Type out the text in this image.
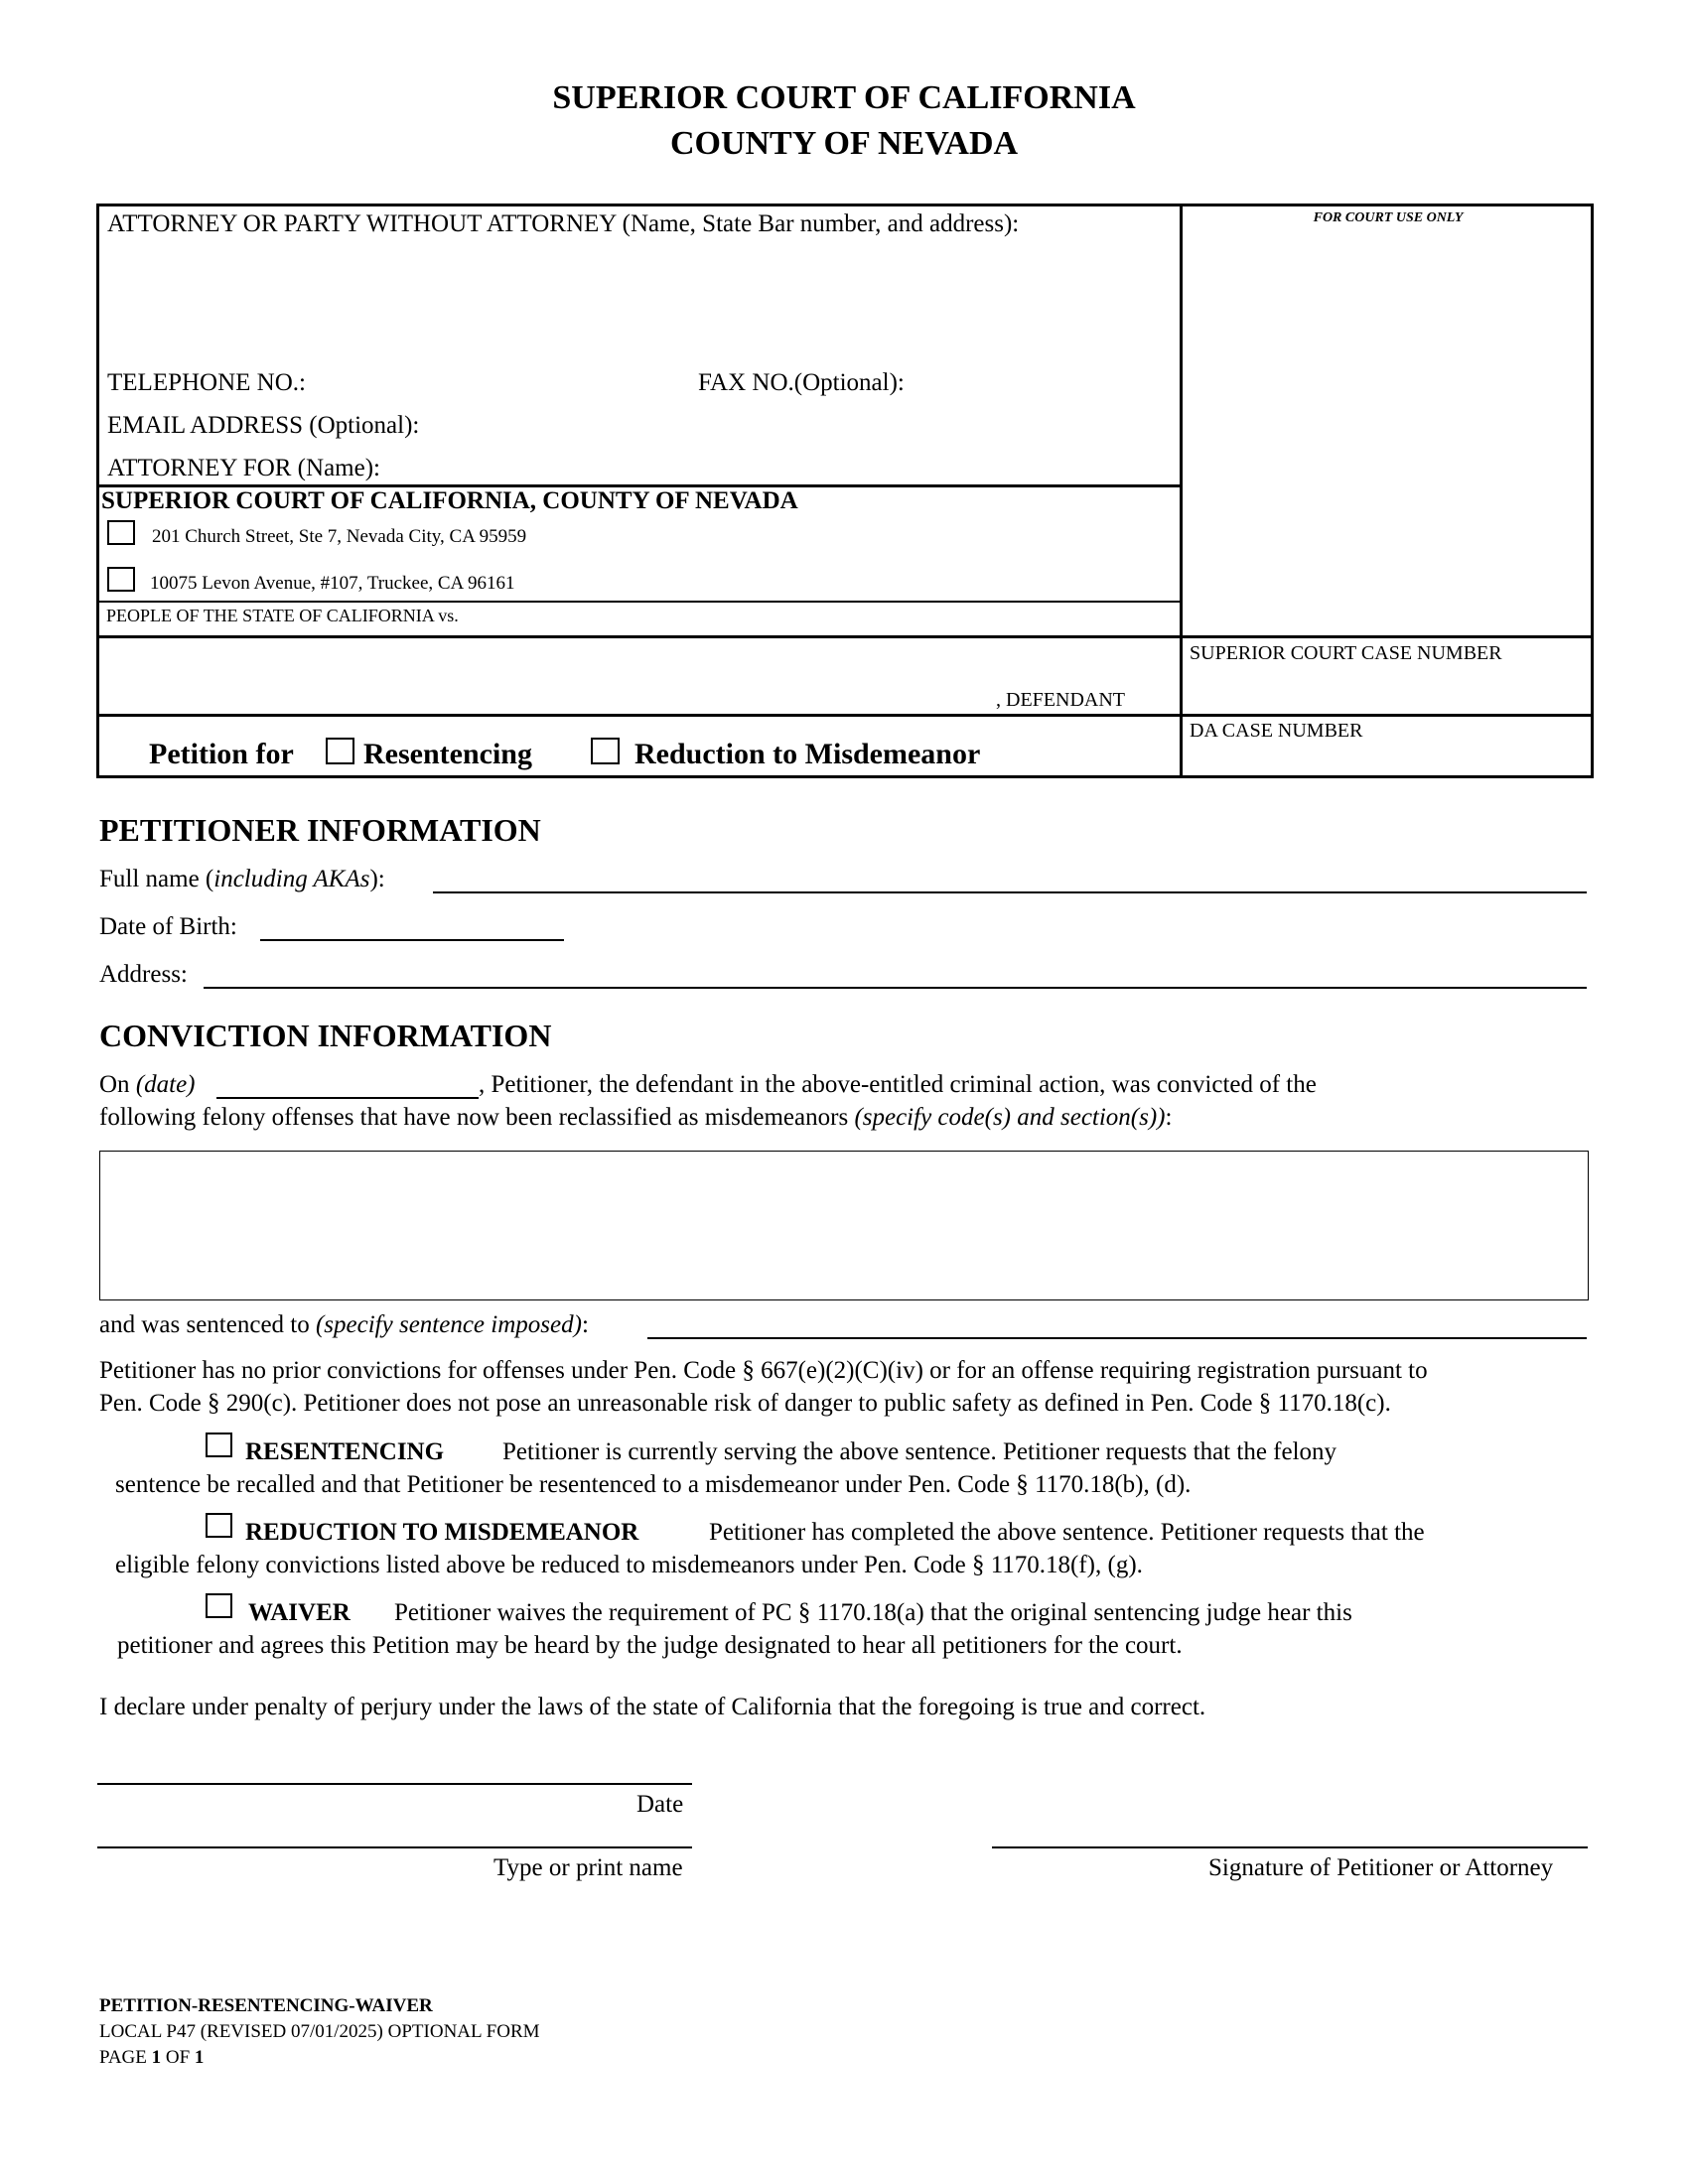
SUPERIOR COURT OF CALIFORNIA
COUNTY OF NEVADA
ATTORNEY OR PARTY WITHOUT ATTORNEY (Name, State Bar number, and address):	FOR COURT USE ONLY
TELEPHONE NO.:	FAX NO.(Optional):
EMAIL ADDRESS (Optional):
ATTORNEY FOR (Name):
SUPERIOR COURT OF CALIFORNIA, COUNTY OF NEVADA
201 Church Street, Ste 7, Nevada City, CA 95959
10075 Levon Avenue, #107, Truckee, CA 96161
PEOPLE OF THE STATE OF CALIFORNIA vs.
, DEFENDANT
SUPERIOR COURT CASE NUMBER
Petition for Resentencing	Reduction to Misdemeanor
DA CASE NUMBER
PETITIONER INFORMATION
Full name (including AKAs):
Date of Birth:
Address:
CONVICTION INFORMATION
On (date)	, Petitioner, the defendant in the above-entitled criminal action, was convicted of the
following felony offenses that have now been reclassified as misdemeanors (specify code(s) and section(s)):
and was sentenced to (specify sentence imposed):
Petitioner has no prior convictions for offenses under Pen. Code § 667(e)(2)(C)(iv) or for an offense requiring registration pursuant to
Pen. Code § 290(c). Petitioner does not pose an unreasonable risk of danger to public safety as defined in Pen. Code § 1170.18(c).
RESENTENCING Petitioner is currently serving the above sentence. Petitioner requests that the felony
sentence be recalled and that Petitioner be resentenced to a misdemeanor under Pen. Code § 1170.18(b), (d).
REDUCTION TO MISDEMEANOR	Petitioner has completed the above sentence. Petitioner requests that the
eligible felony convictions listed above be reduced to misdemeanors under Pen. Code § 1170.18(f), (g).
WAIVER Petitioner waives the requirement of PC § 1170.18(a) that the original sentencing judge hear this
petitioner and agrees this Petition may be heard by the judge designated to hear all petitioners for the court.
I declare under penalty of perjury under the laws of the state of California that the foregoing is true and correct.
Date
Type or print name	Signature of Petitioner or Attorney
PETITION-RESENTENCING-WAIVER
LOCAL P47 (REVISED 07/01/2025) OPTIONAL FORM
PAGE 1 OF 1
